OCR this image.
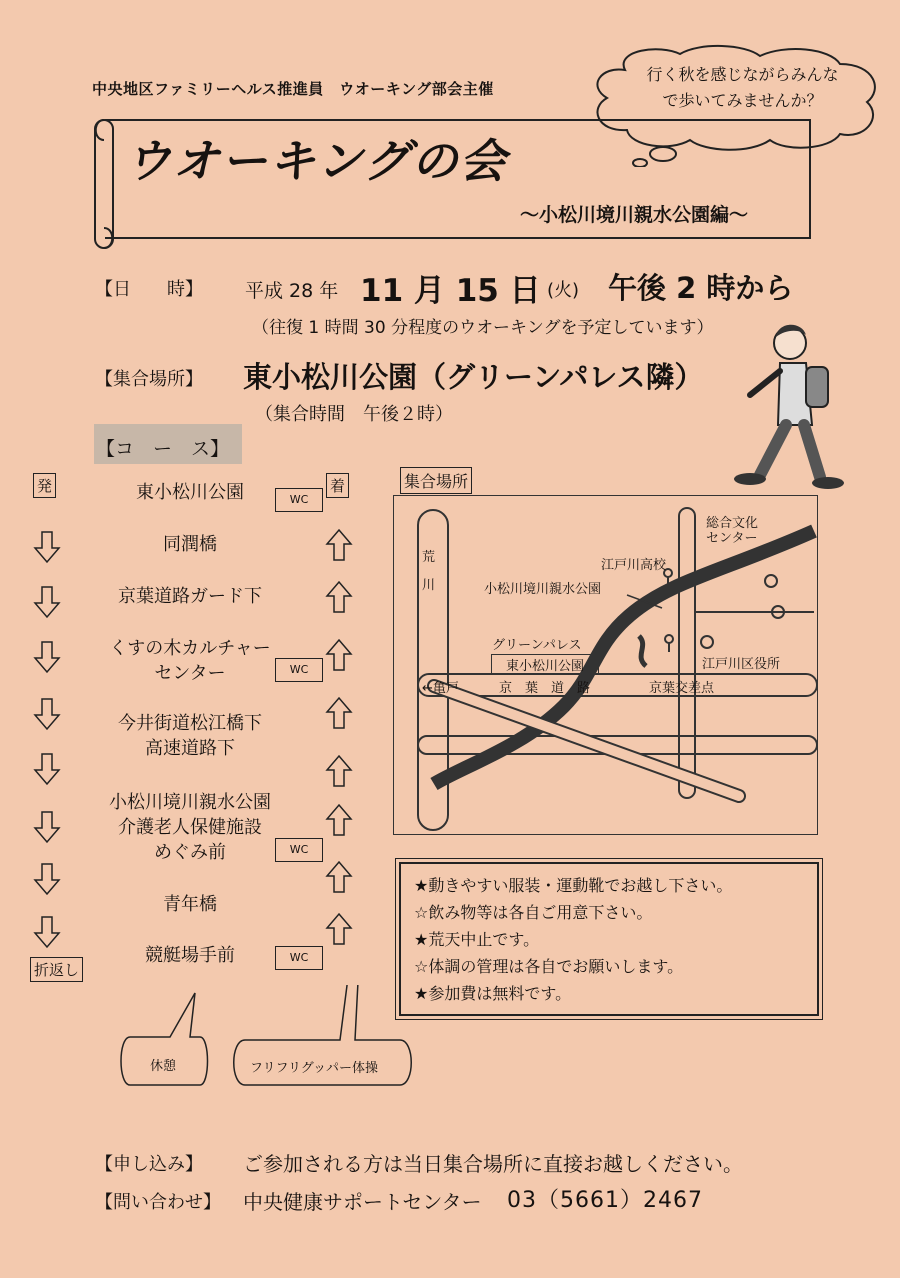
中央地区ファミリーヘルス推進員　ウオーキング部会主催
行く秋を感じながらみんな
で歩いてみませんか？
ウオーキングの会
～小松川境川親水公園編～
【日　　時】 平成 28 年 11 月 15 日 (火) 午後 2 時から
（往復 1 時間 30 分程度のウオーキングを予定しています）
【集合場所】 東小松川公園（グリーンパレス隣）
（集合時間　午後２時）
【コ　ー　ス】
発	着
折返し
東小松川公園
同潤橋
京葉道路ガード下
くすの木カルチャー
センター
今井街道松江橋下
高速道路下
小松川境川親水公園
介護老人保健施設
めぐみ前
青年橋
競艇場手前
WC
WC
WC
WC
休憩	フリフリグッパー体操
集合場所
荒

川
総合文化
センター
江戸川高校
小松川境川親水公園
グリーンパレス
東小松川公園	江戸川区役所
←亀戸	京　葉　道　路	京葉交差点
★動きやすい服装・運動靴でお越し下さい。
☆飲み物等は各自ご用意下さい。
★荒天中止です。
☆体調の管理は各自でお願いします。
★参加費は無料です。
【申し込み】 ご参加される方は当日集合場所に直接お越しください。
【問い合わせ】 中央健康サポートセンター 03（5661）2467
